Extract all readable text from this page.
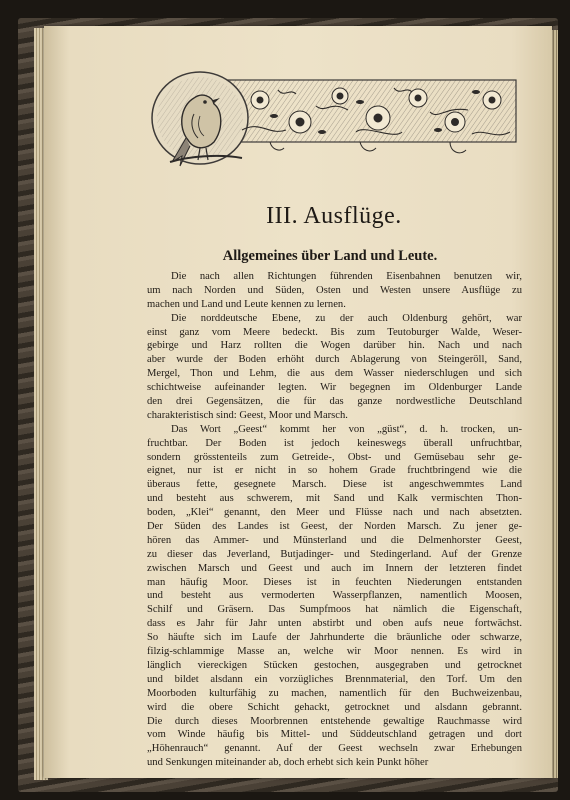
III. Ausflüge.
Allgemeines über Land und Leute.
Die nach allen Richtungen führenden Eisenbahnen benutzen wir,
um nach Norden und Süden, Osten und Westen unsere Ausflüge zu
machen und Land und Leute kennen zu lernen.
Die norddeutsche Ebene, zu der auch Oldenburg gehört, war
einst ganz vom Meere bedeckt. Bis zum Teutoburger Walde, Weser-
gebirge und Harz rollten die Wogen darüber hin. Nach und nach
aber wurde der Boden erhöht durch Ablagerung von Steingeröll, Sand,
Mergel, Thon und Lehm, die aus dem Wasser niederschlugen und sich
schichtweise aufeinander legten. Wir begegnen im Oldenburger Lande
den drei Gegensätzen, die für das ganze nordwestliche Deutschland
charakteristisch sind: Geest, Moor und Marsch.
Das Wort „Geest“ kommt her von „güst“, d. h. trocken, un-
fruchtbar. Der Boden ist jedoch keineswegs überall unfruchtbar,
sondern grösstenteils zum Getreide-, Obst- und Gemüsebau sehr ge-
eignet, nur ist er nicht in so hohem Grade fruchtbringend wie die
überaus fette, gesegnete Marsch. Diese ist angeschwemmtes Land
und besteht aus schwerem, mit Sand und Kalk vermischten Thon-
boden, „Klei“ genannt, den Meer und Flüsse nach und nach absetzten.
Der Süden des Landes ist Geest, der Norden Marsch. Zu jener ge-
hören das Ammer- und Münsterland und die Delmenhorster Geest,
zu dieser das Jeverland, Butjadinger- und Stedingerland. Auf der Grenze
zwischen Marsch und Geest und auch im Innern der letzteren findet
man häufig Moor. Dieses ist in feuchten Niederungen entstanden
und besteht aus vermoderten Wasserpflanzen, namentlich Moosen,
Schilf und Gräsern. Das Sumpfmoos hat nämlich die Eigenschaft,
dass es Jahr für Jahr unten abstirbt und oben aufs neue fortwächst.
So häufte sich im Laufe der Jahrhunderte die bräunliche oder schwarze,
filzig-schlammige Masse an, welche wir Moor nennen. Es wird in
länglich viereckigen Stücken gestochen, ausgegraben und getrocknet
und bildet alsdann ein vorzügliches Brennmaterial, den Torf. Um den
Moorboden kulturfähig zu machen, namentlich für den Buchweizenbau,
wird die obere Schicht gehackt, getrocknet und alsdann gebrannt.
Die durch dieses Moorbrennen entstehende gewaltige Rauchmasse wird
vom Winde häufig bis Mittel- und Süddeutschland getragen und dort
„Höhenrauch“ genannt. Auf der Geest wechseln zwar Erhebungen
und Senkungen miteinander ab, doch erhebt sich kein Punkt höher
